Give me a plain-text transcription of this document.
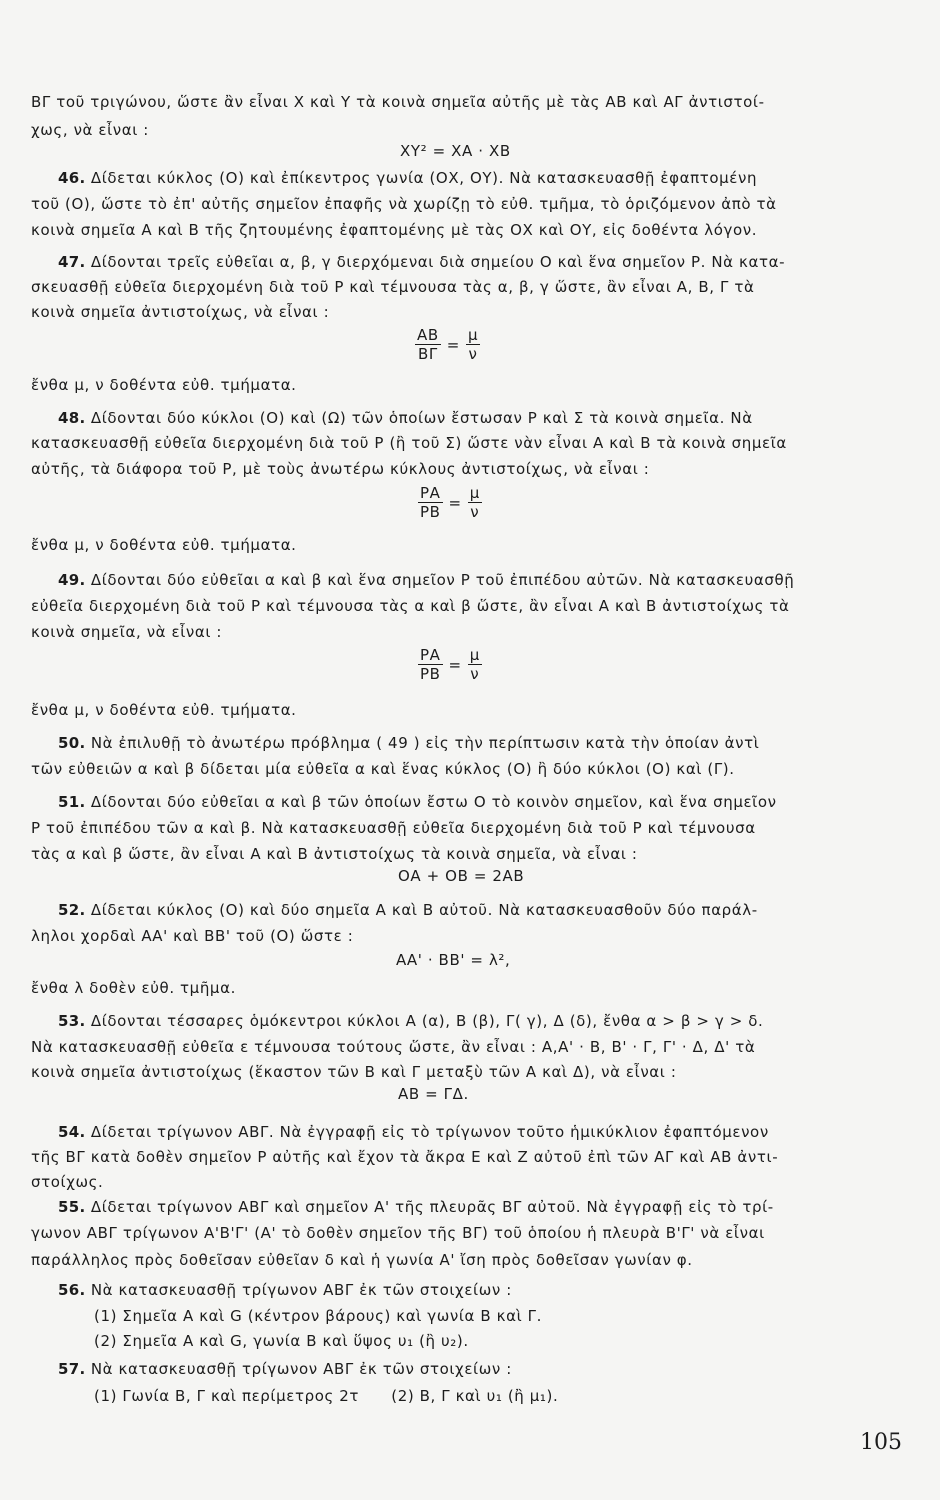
ΒΓ τοῦ τριγώνου, ὥστε ἂν εἶναι Χ καὶ Υ τὰ κοινὰ σημεῖα αὐτῆς μὲ τὰς ΑΒ καὶ ΑΓ ἀντιστοί-
χως, νὰ εἶναι :
ΧΥ² = ΧΑ · ΧΒ
46. Δίδεται κύκλος (Ο) καὶ ἐπίκεντρος γωνία (ΟΧ, ΟΥ). Νὰ κατασκευασθῇ ἐφαπτομένη
τοῦ (Ο), ὥστε τὸ ἐπ' αὐτῆς σημεῖον ἐπαφῆς νὰ χωρίζῃ τὸ εὐθ. τμῆμα, τὸ ὁριζόμενον ἀπὸ τὰ
κοινὰ σημεῖα Α καὶ Β τῆς ζητουμένης ἐφαπτομένης μὲ τὰς ΟΧ καὶ ΟΥ, εἰς δοθέντα λόγον.
47. Δίδονται τρεῖς εὐθεῖαι α, β, γ διερχόμεναι διὰ σημείου Ο καὶ ἕνα σημεῖον Ρ. Νὰ κατα-
σκευασθῇ εὐθεῖα διερχομένη διὰ τοῦ Ρ καὶ τέμνουσα τὰς α, β, γ ὥστε, ἂν εἶναι Α, Β, Γ τὰ
κοινὰ σημεῖα ἀντιστοίχως, νὰ εἶναι :
$\frac{AB}{B\Gamma} = \frac{\mu}{\nu}$
ἔνθα μ, ν δοθέντα εὐθ. τμήματα.
48. Δίδονται δύο κύκλοι (Ο) καὶ (Ω) τῶν ὁποίων ἔστωσαν Ρ καὶ Σ τὰ κοινὰ σημεῖα. Νὰ
κατασκευασθῇ εὐθεῖα διερχομένη διὰ τοῦ Ρ (ἢ τοῦ Σ) ὥστε νὰν εἶναι Α καὶ Β τὰ κοινὰ σημεῖα
αὐτῆς, τὰ διάφορα τοῦ Ρ, μὲ τοὺς ἀνωτέρω κύκλους ἀντιστοίχως, νὰ εἶναι :
$\frac{PA}{PB} = \frac{\mu}{\nu}$
ἔνθα μ, ν δοθέντα εὐθ. τμήματα.
49. Δίδονται δύο εὐθεῖαι α καὶ β καὶ ἕνα σημεῖον Ρ τοῦ ἐπιπέδου αὐτῶν. Νὰ κατασκευασθῇ
εὐθεῖα διερχομένη διὰ τοῦ Ρ καὶ τέμνουσα τὰς α καὶ β ὥστε, ἂν εἶναι Α καὶ Β ἀντιστοίχως τὰ
κοινὰ σημεῖα, νὰ εἶναι :
$\frac{PA}{PB} = \frac{\mu}{\nu}$
ἔνθα μ, ν δοθέντα εὐθ. τμήματα.
50. Νὰ ἐπιλυθῇ τὸ ἀνωτέρω πρόβλημα ( 49 ) εἰς τὴν περίπτωσιν κατὰ τὴν ὁποίαν ἀντὶ
τῶν εὐθειῶν α καὶ β δίδεται μία εὐθεῖα α καὶ ἕνας κύκλος (Ο) ἢ δύο κύκλοι (Ο) καὶ (Γ).
51. Δίδονται δύο εὐθεῖαι α καὶ β τῶν ὁποίων ἔστω Ο τὸ κοινὸν σημεῖον, καὶ ἕνα σημεῖον
Ρ τοῦ ἐπιπέδου τῶν α καὶ β. Νὰ κατασκευασθῇ εὐθεῖα διερχομένη διὰ τοῦ Ρ καὶ τέμνουσα
τὰς α καὶ β ὥστε, ἂν εἶναι Α καὶ Β ἀντιστοίχως τὰ κοινὰ σημεῖα, νὰ εἶναι :
ΟΑ + ΟΒ = 2ΑΒ
52. Δίδεται κύκλος (Ο) καὶ δύο σημεῖα Α καὶ Β αὐτοῦ. Νὰ κατασκευασθοῦν δύο παράλ-
ληλοι χορδαὶ ΑΑ' καὶ ΒΒ' τοῦ (Ο) ὥστε :
ΑΑ' · ΒΒ' = λ²,
ἔνθα λ δοθὲν εὐθ. τμῆμα.
53. Δίδονται τέσσαρες ὁμόκεντροι κύκλοι Α (α), Β (β), Γ( γ), Δ (δ), ἔνθα α > β > γ > δ.
Νὰ κατασκευασθῇ εὐθεῖα ε τέμνουσα τούτους ὥστε, ἂν εἶναι : Α,Α' · Β, Β' · Γ, Γ' · Δ, Δ' τὰ
κοινὰ σημεῖα ἀντιστοίχως (ἕκαστον τῶν Β καὶ Γ μεταξὺ τῶν Α καὶ Δ), νὰ εἶναι :
ΑΒ = ΓΔ.
54. Δίδεται τρίγωνον ΑΒΓ. Νὰ ἐγγραφῇ εἰς τὸ τρίγωνον τοῦτο ἡμικύκλιον ἐφαπτόμενον
τῆς ΒΓ κατὰ δοθὲν σημεῖον Ρ αὐτῆς καὶ ἔχον τὰ ἄκρα Ε καὶ Ζ αὐτοῦ ἐπὶ τῶν ΑΓ καὶ ΑΒ ἀντι-
στοίχως.
55. Δίδεται τρίγωνον ΑΒΓ καὶ σημεῖον Α' τῆς πλευρᾶς ΒΓ αὐτοῦ. Νὰ ἐγγραφῇ εἰς τὸ τρί-
γωνον ΑΒΓ τρίγωνον Α'Β'Γ' (Α' τὸ δοθὲν σημεῖον τῆς ΒΓ) τοῦ ὁποίου ἡ πλευρὰ Β'Γ' νὰ εἶναι
παράλληλος πρὸς δοθεῖσαν εὐθεῖαν δ καὶ ἡ γωνία Α' ἴση πρὸς δοθεῖσαν γωνίαν φ.
56. Νὰ κατασκευασθῇ τρίγωνον ΑΒΓ ἐκ τῶν στοιχείων :
(1) Σημεῖα Α καὶ G (κέντρον βάρους) καὶ γωνία Β καὶ Γ.
(2) Σημεῖα Α καὶ G, γωνία Β καὶ ὕψος υ₁ (ἢ υ₂).
57. Νὰ κατασκευασθῇ τρίγωνον ΑΒΓ ἐκ τῶν στοιχείων :
(1) Γωνία Β, Γ καὶ περίμετρος 2τ      (2) Β, Γ καὶ υ₁ (ἢ μ₁).
105
